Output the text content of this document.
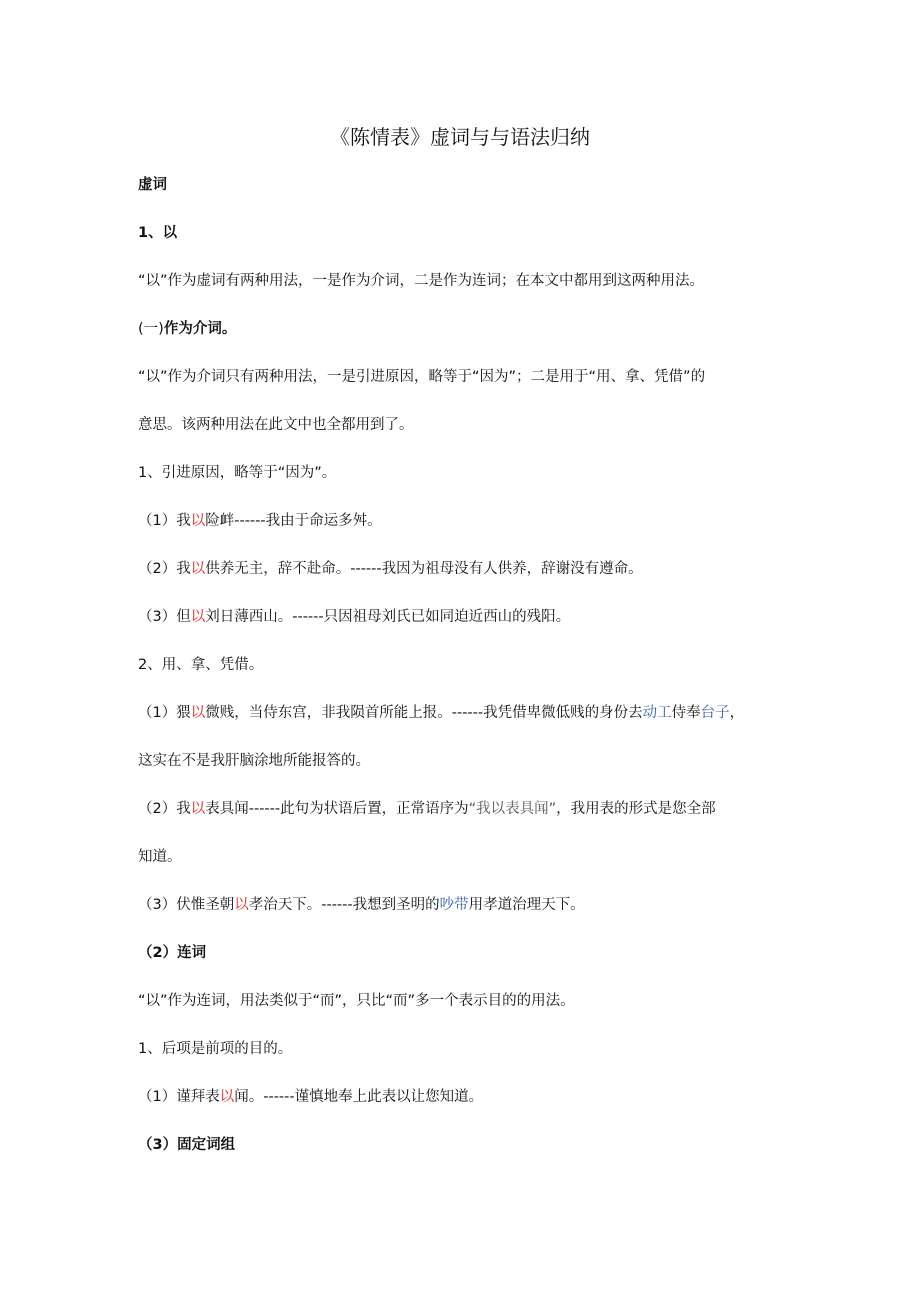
《陈情表》虚词与与语法归纳
虚词
1、以
“以”作为虚词有两种用法，一是作为介词，二是作为连词；在本文中都用到这两种用法。
(一)作为介词。
“以”作为介词只有两种用法，一是引进原因，略等于“因为”；二是用于“用、拿、凭借”的
意思。该两种用法在此文中也全都用到了。
1、引进原因，略等于“因为”。
（1）我以险衅------我由于命运多舛。
（2）我以供养无主，辞不赴命。------我因为祖母没有人供养，辞谢没有遵命。
（3）但以刘日薄西山。------只因祖母刘氏已如同迫近西山的残阳。
2、用、拿、凭借。
（1）猥以微贱，当侍东宫，非我陨首所能上报。------我凭借卑微低贱的身份去动工侍奉台子，
这实在不是我肝脑涂地所能报答的。
（2）我以表具闻------此句为状语后置，正常语序为“我以表具闻”，我用表的形式是您全部
知道。
（3）伏惟圣朝以孝治天下。------我想到圣明的吵带用孝道治理天下。
（2）连词
“以”作为连词，用法类似于“而”，只比“而”多一个表示目的的用法。
1、后项是前项的目的。
（1）谨拜表以闻。------谨慎地奉上此表以让您知道。
（3）固定词组
